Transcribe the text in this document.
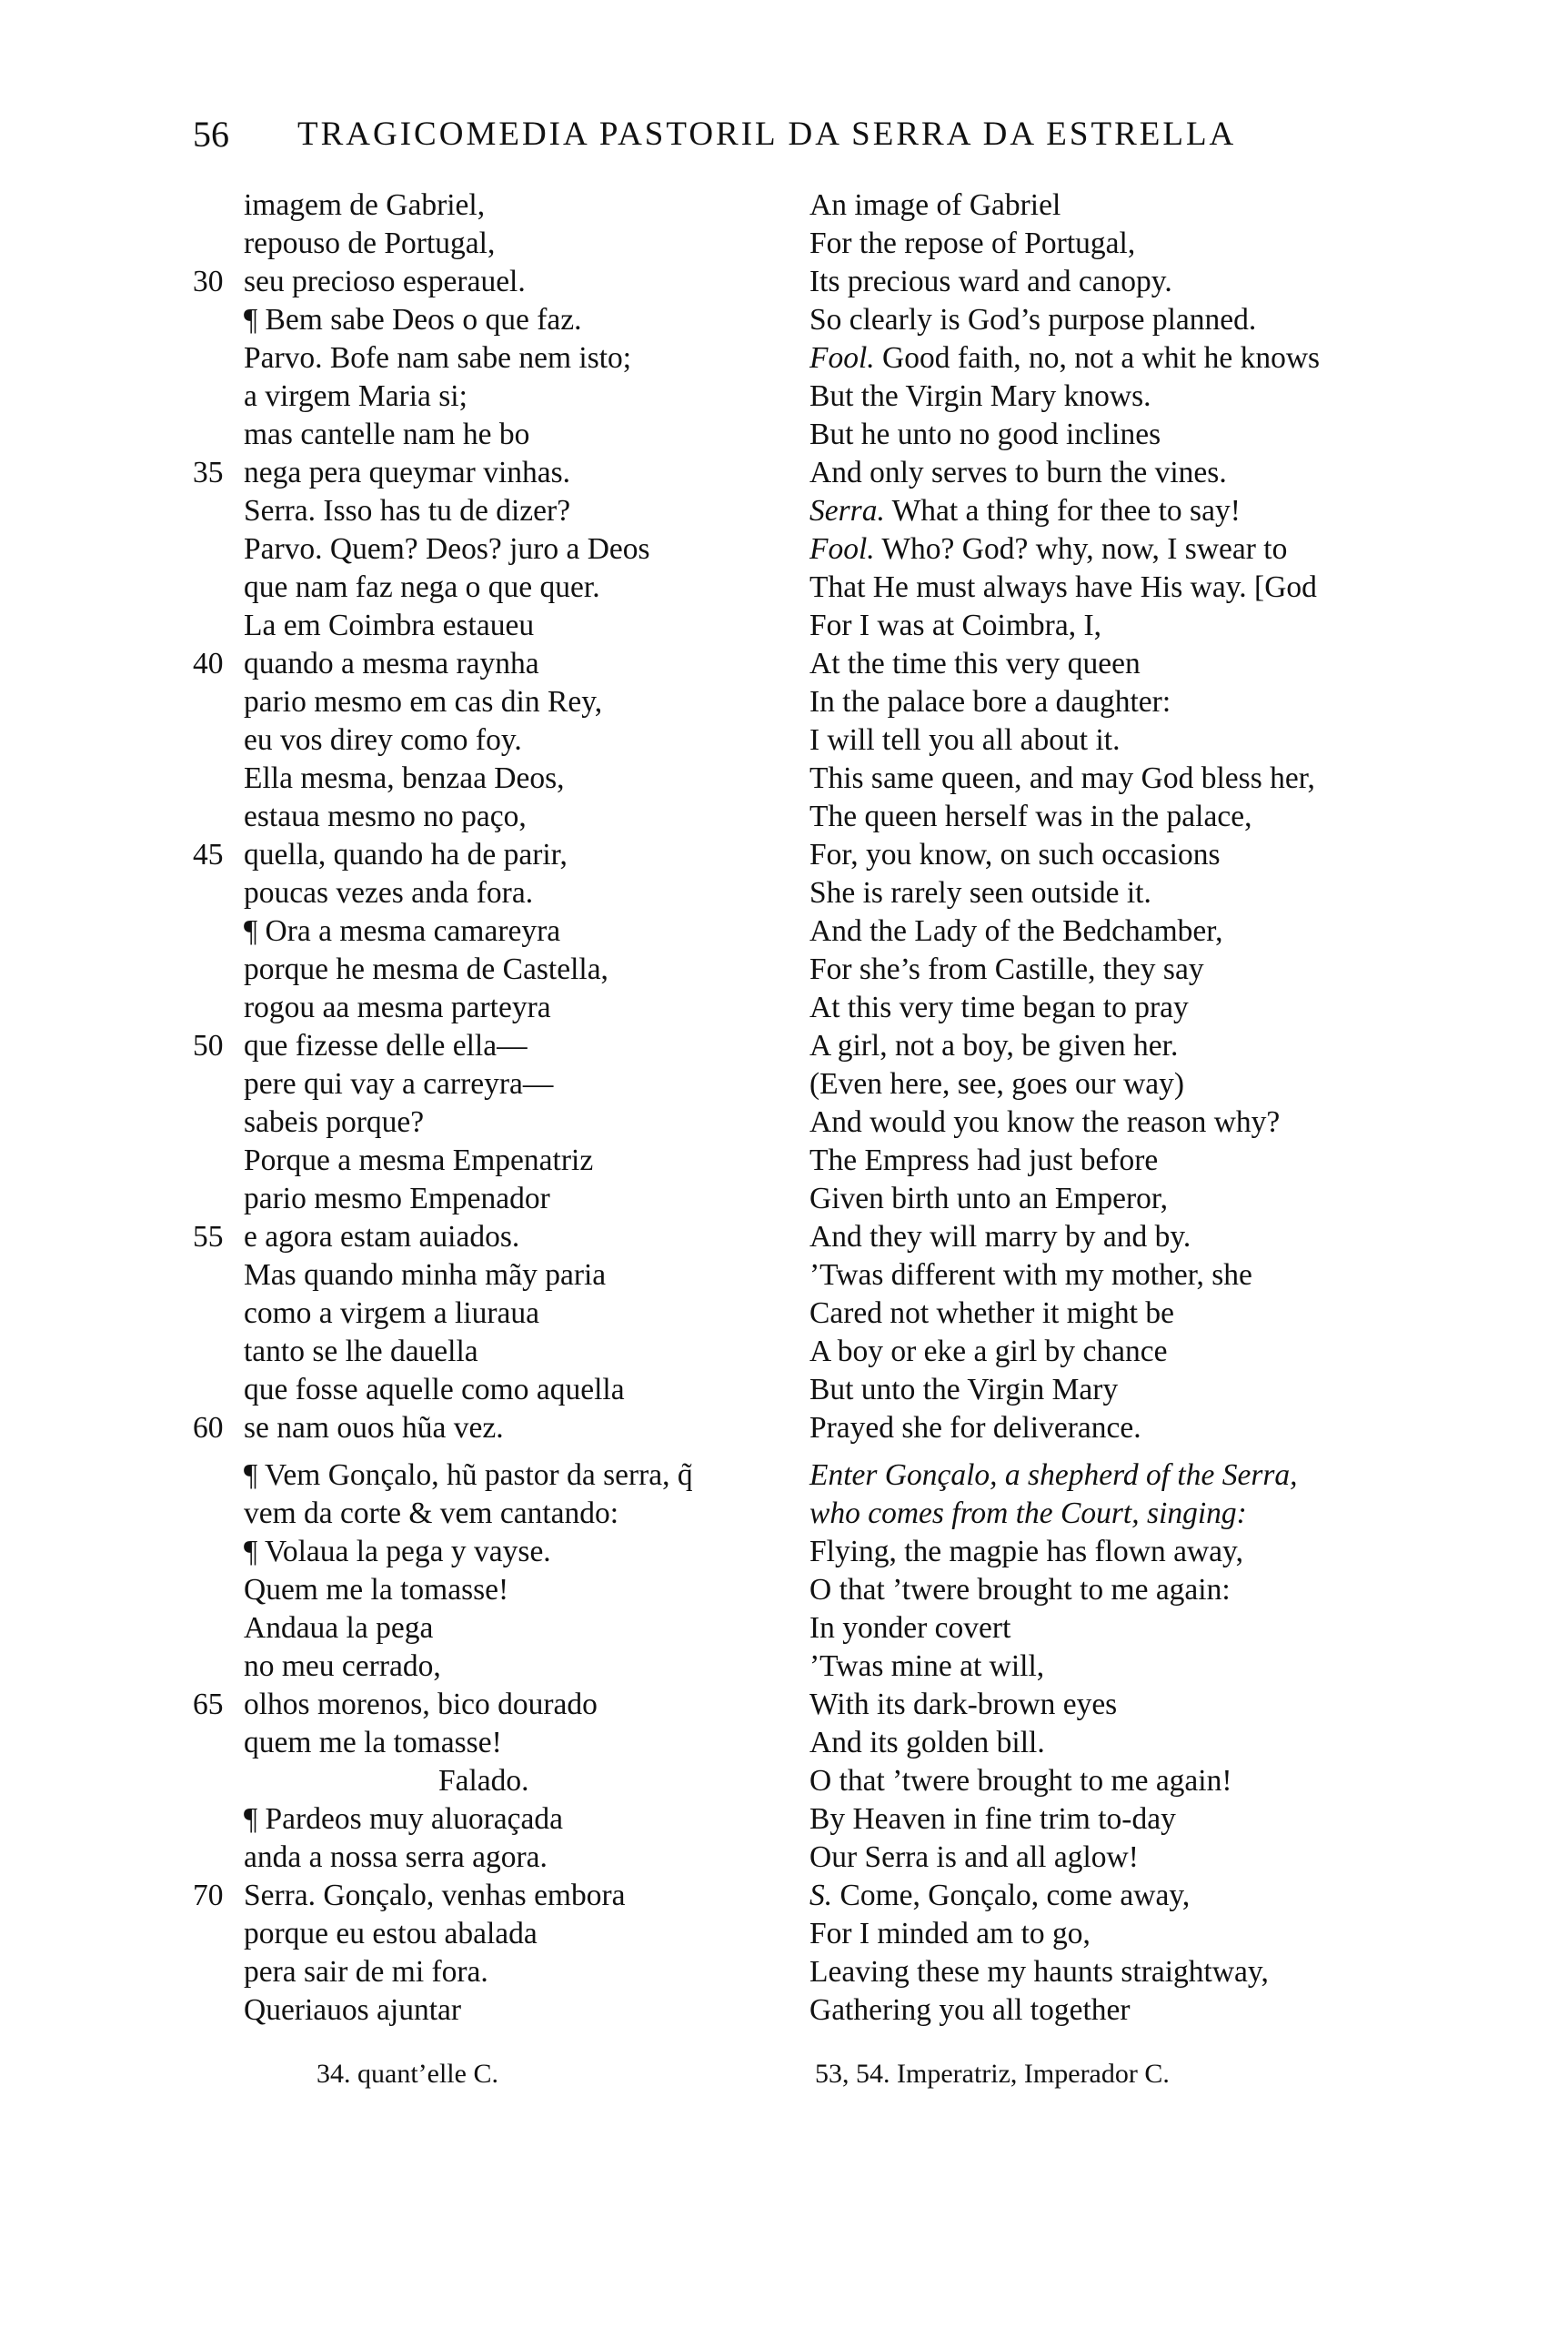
56 TRAGICOMEDIA PASTORIL DA SERRA DA ESTRELLA
imagem de Gabriel,
repouso de Portugal,
30 seu precioso esperauel.
¶ Bem sabe Deos o que faz.
Parvo. Bofe nam sabe nem isto;
a virgem Maria si;
mas cantelle nam he bo
35 nega pera queymar vinhas.
Serra. Isso has tu de dizer?
Parvo. Quem? Deos? juro a Deos
que nam faz nega o que quer.
La em Coimbra estaueu
40 quando a mesma raynha
pario mesmo em cas din Rey,
eu vos direy como foy.
Ella mesma, benzaa Deos,
estaua mesmo no paço,
45 quella, quando ha de parir,
poucas vezes anda fora.
¶ Ora a mesma camareyra
porque he mesma de Castella,
rogou aa mesma parteyra
50 que fizesse delle ella—
pere qui vay a carreyra—
sabeis porque?
Porque a mesma Empenatriz
pario mesmo Empenador
55 e agora estam auiados.
Mas quando minha mãy paria
como a virgem a liuraua
tanto se lhe dauella
que fosse aquelle como aquella
60 se nam ouos hũa vez.
¶ Vem Gonçalo, hũ pastor da serra, q̃
vem da corte & vem cantando:
¶ Volaua la pega y vayse.
Quem me la tomasse!
Andaua la pega
no meu cerrado,
65 olhos morenos, bico dourado
quem me la tomasse!
Falado.
¶ Pardeos muy aluoraçada
anda a nossa serra agora.
70 Serra. Gonçalo, venhas embora
porque eu estou abalada
pera sair de mi fora.
Queriauos ajuntar
An image of Gabriel
For the repose of Portugal,
Its precious ward and canopy.
So clearly is God’s purpose planned.
Fool. Good faith, no, not a whit he knows
But the Virgin Mary knows.
But he unto no good inclines
And only serves to burn the vines.
Serra. What a thing for thee to say!
Fool. Who? God? why, now, I swear to
That He must always have His way. [God
For I was at Coimbra, I,
At the time this very queen
In the palace bore a daughter:
I will tell you all about it.
This same queen, and may God bless her,
The queen herself was in the palace,
For, you know, on such occasions
She is rarely seen outside it.
And the Lady of the Bedchamber,
For she’s from Castille, they say
At this very time began to pray
A girl, not a boy, be given her.
(Even here, see, goes our way)
And would you know the reason why?
The Empress had just before
Given birth unto an Emperor,
And they will marry by and by.
’Twas different with my mother, she
Cared not whether it might be
A boy or eke a girl by chance
But unto the Virgin Mary
Prayed she for deliverance.
Enter Gonçalo, a shepherd of the Serra,
who comes from the Court, singing:
Flying, the magpie has flown away,
O that ’twere brought to me again:
In yonder covert
’Twas mine at will,
With its dark-brown eyes
And its golden bill.
O that ’twere brought to me again!
By Heaven in fine trim to-day
Our Serra is and all aglow!
S. Come, Gonçalo, come away,
For I minded am to go,
Leaving these my haunts straightway,
Gathering you all together
34. quant’elle C.	53, 54. Imperatriz, Imperador C.
